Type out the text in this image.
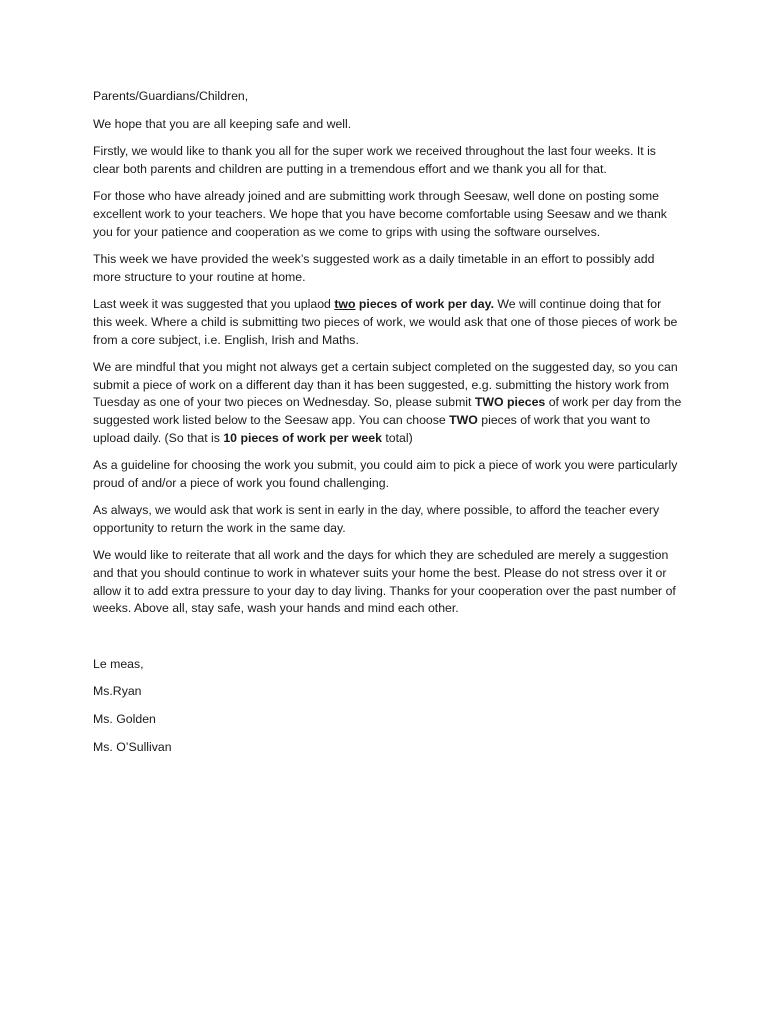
Parents/Guardians/Children,

We hope that you are all keeping safe and well.

Firstly, we would like to thank you all for the super work we received throughout the last four weeks. It is clear both parents and children are putting in a tremendous effort and we thank you all for that.

For those who have already joined and are submitting work through Seesaw, well done on posting some excellent work to your teachers. We hope that you have become comfortable using Seesaw and we thank you for your patience and cooperation as we come to grips with using the software ourselves.

This week we have provided the week’s suggested work as a daily timetable in an effort to possibly add more structure to your routine at home.

Last week it was suggested that you uplaod two pieces of work per day. We will continue doing that for this week. Where a child is submitting two pieces of work, we would ask that one of those pieces of work be from a core subject, i.e. English, Irish and Maths.

We are mindful that you might not always get a certain subject completed on the suggested day, so you can submit a piece of work on a different day than it has been suggested, e.g. submitting the history work from Tuesday as one of your two pieces on Wednesday. So, please submit TWO pieces of work per day from the suggested work listed below to the Seesaw app. You can choose TWO pieces of work that you want to upload daily. (So that is 10 pieces of work per week total)

As a guideline for choosing the work you submit, you could aim to pick a piece of work you were particularly proud of and/or a piece of work you found challenging.

As always, we would ask that work is sent in early in the day, where possible, to afford the teacher every opportunity to return the work in the same day.

We would like to reiterate that all work and the days for which they are scheduled are merely a suggestion and that you should continue to work in whatever suits your home the best. Please do not stress over it or allow it to add extra pressure to your day to day living. Thanks for your cooperation over the past number of weeks. Above all, stay safe, wash your hands and mind each other.

Le meas,

Ms.Ryan

Ms. Golden

Ms. O’Sullivan
